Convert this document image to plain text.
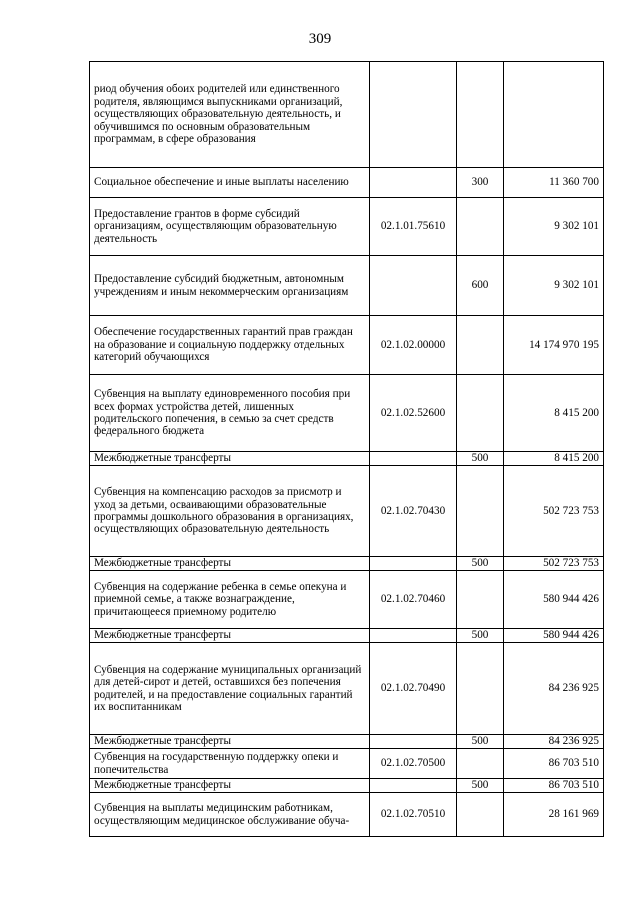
309
риод обучения обоих родителей или единственного родителя, являющимся выпускниками организаций, осуществляющих образовательную деятельность, и обучившимся по основным образовательным программам, в сфере образования			

Социальное обеспечение и иные выплаты населению		300	11 360 700

Предоставление грантов в форме субсидий организациям, осуществляющим образовательную деятельность	02.1.01.75610		9 302 101

Предоставление субсидий бюджетным, автономным учреждениям и иным некоммерческим организациям		600	9 302 101

Обеспечение государственных гарантий прав граждан на образование и социальную поддержку отдельных категорий обучающихся	02.1.02.00000		14 174 970 195

Субвенция на выплату единовременного пособия при всех формах устройства детей, лишенных родительского попечения, в семью за счет средств федерального бюджета	02.1.02.52600		8 415 200

Межбюджетные трансферты		500	8 415 200

Субвенция на компенсацию расходов за присмотр и уход за детьми, осваивающими образовательные программы дошкольного образования в организациях, осуществляющих образовательную деятельность	02.1.02.70430		502 723 753

Межбюджетные трансферты		500	502 723 753

Субвенция на содержание ребенка в семье опекуна и приемной семье, а также вознаграждение, причитающееся приемному родителю	02.1.02.70460		580 944 426

Межбюджетные трансферты		500	580 944 426

Субвенция на содержание муниципальных организаций для детей-сирот и детей, оставшихся без попечения родителей, и на предоставление социальных гарантий их воспитанникам	02.1.02.70490		84 236 925

Межбюджетные трансферты		500	84 236 925

Субвенция на государственную поддержку опеки и попечительства	02.1.02.70500		86 703 510

Межбюджетные трансферты		500	86 703 510

Субвенция на выплаты медицинским работникам, осуществляющим медицинское обслуживание обуча-	02.1.02.70510		28 161 969
